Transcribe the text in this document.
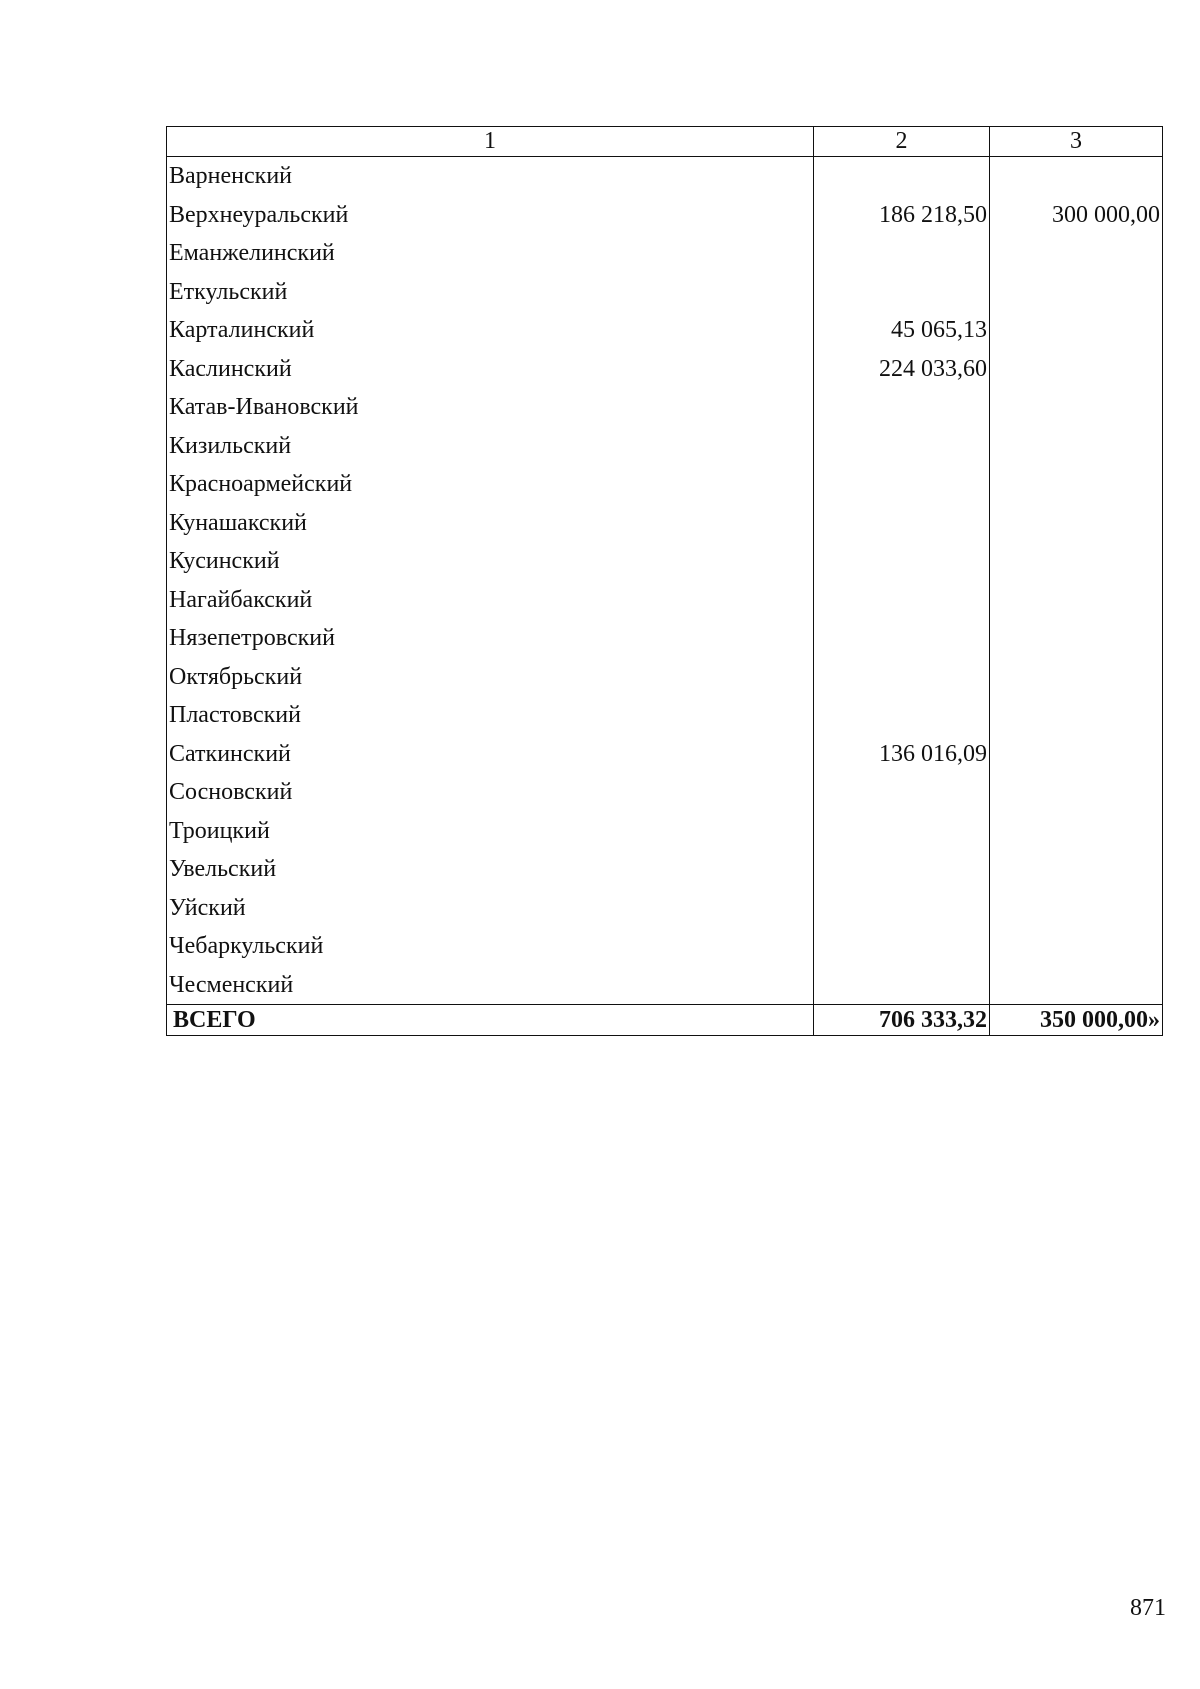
1	2	3
Варненский		
Верхнеуральский	186 218,50	300 000,00
Еманжелинский		
Еткульский		
Карталинский	45 065,13	
Каслинский	224 033,60	
Катав-Ивановский		
Кизильский		
Красноармейский		
Кунашакский		
Кусинский		
Нагайбакский		
Нязепетровский		
Октябрьский		
Пластовский		
Саткинский	136 016,09	
Сосновский		
Троицкий		
Увельский		
Уйский		
Чебаркульский		
Чесменский		
ВСЕГО	706 333,32	350 000,00»
871
